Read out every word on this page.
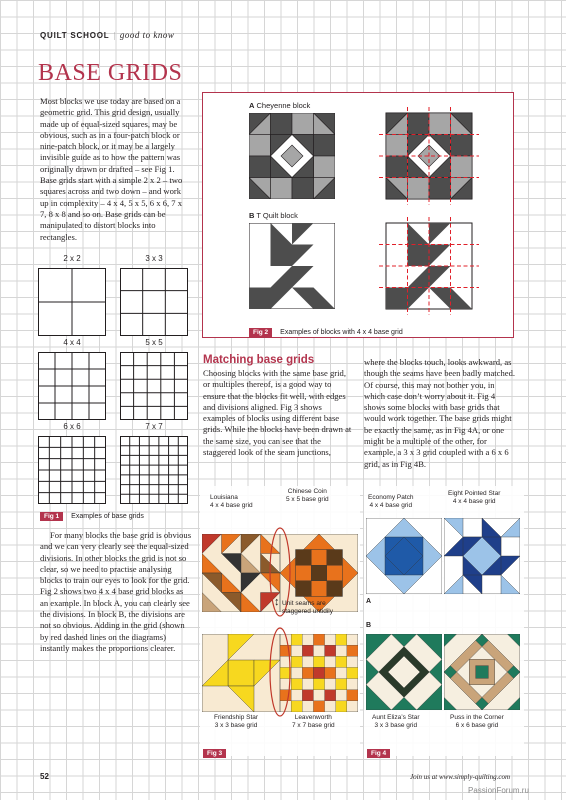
QUILT SCHOOL | good to know
BASE GRIDS
Most blocks we use today are based on a geometric grid. This grid design, usually made up of equal-sized squares, may be obvious, such as in a four-patch block or nine-patch block, or it may be a largely invisible guide as to how the pattern was originally drawn or drafted – see Fig 1. Base grids start with a simple 2 x 2 – two squares across and two down – and work up in complexity – 4 x 4, 5 x 5, 6 x 6, 7 x 7, 8 x 8 and so on. Base grids can be manipulated to distort blocks into rectangles.
2 x 2	3 x 3
4 x 4	5 x 5
6 x 6	7 x 7
Fig 1 Examples of base grids
For many blocks the base grid is obvious and we can very clearly see the equal-sized divisions. In other blocks the grid is not so clear, so we need to practise analysing blocks to train our eyes to look for the grid. Fig 2 shows two 4 x 4 base grid blocks as an example. In block A, you can clearly see the divisions. In block B, the divisions are not so obvious. Adding in the grid (shown by red dashed lines on the diagrams) instantly makes the proportions clearer.
A Cheyenne block
B T Quilt block
Fig 2 Examples of blocks with 4 x 4 base grid
Matching base grids
Choosing blocks with the same base grid, or multiples thereof, is a good way to ensure that the blocks fit well, with edges and divisions aligned. Fig 3 shows examples of blocks using different base grids. While the blocks have been drawn at the same size, you can see that the staggered look of the seam junctions,
where the blocks touch, looks awkward, as though the seams have been badly matched. Of course, this may not bother you, in which case don’t worry about it. Fig 4 shows some blocks with base grids that would work together. The base grids might be exactly the same, as in Fig 4A, or one might be a multiple of the other, for example, a 3 x 3 grid coupled with a 6 x 6 grid, as in Fig 4B.
Louisiana
4 x 4 base grid
Chinese Coin
5 x 5 base grid
Unit seams are staggered untidily
↕
Friendship Star
3 x 3 base grid
Leavenworth
7 x 7 base grid
Fig 3
Economy Patch
4 x 4 base grid
Eight Pointed Star
4 x 4 base grid
A
B
Aunt Eliza’s Star
3 x 3 base grid
Puss in the Corner
6 x 6 base grid
Fig 4
52	Join us at www.simply-quilting.com
PassionForum.ru
